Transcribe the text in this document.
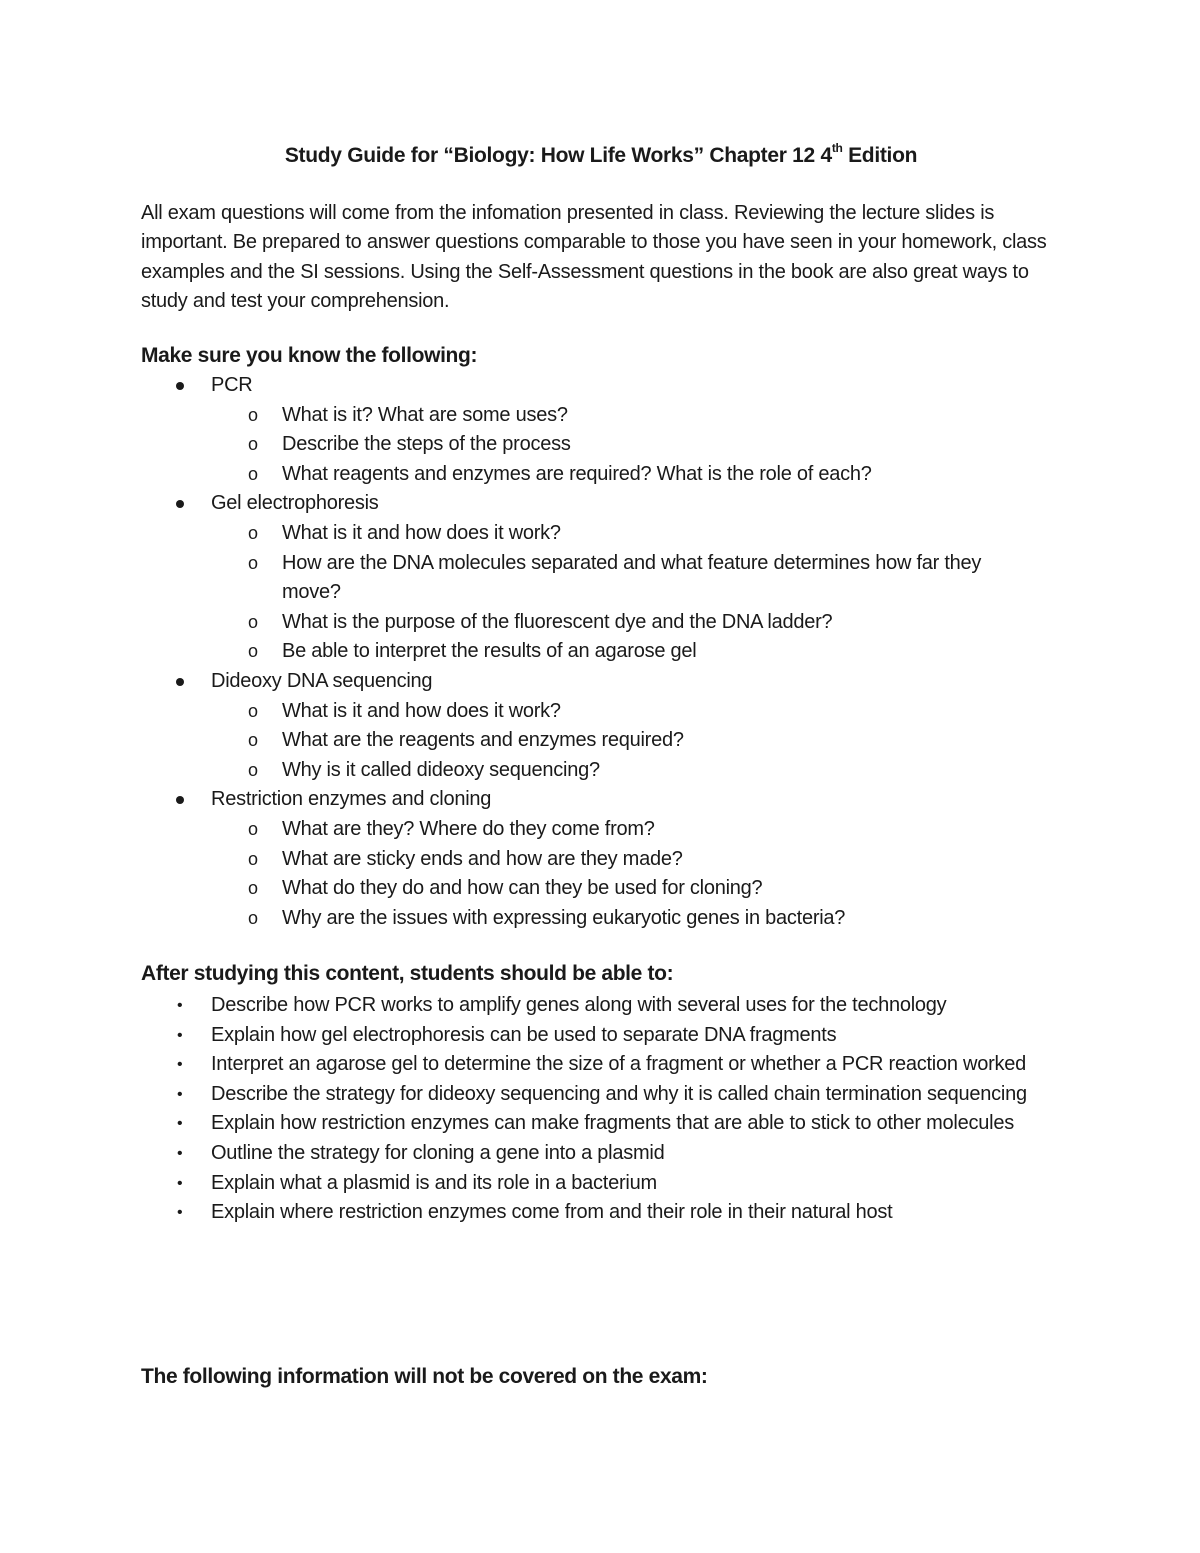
Study Guide for “Biology: How Life Works” Chapter 12 4th Edition

All exam questions will come from the infomation presented in class. Reviewing the lecture slides is important. Be prepared to answer questions comparable to those you have seen in your homework, class examples and the SI sessions. Using the Self-Assessment questions in the book are also great ways to study and test your comprehension.

Make sure you know the following:
PCR
o What is it? What are some uses?
o Describe the steps of the process
o What reagents and enzymes are required? What is the role of each?
Gel electrophoresis
o What is it and how does it work?
o How are the DNA molecules separated and what feature determines how far they move?
o What is the purpose of the fluorescent dye and the DNA ladder?
o Be able to interpret the results of an agarose gel
Dideoxy DNA sequencing
o What is it and how does it work?
o What are the reagents and enzymes required?
o Why is it called dideoxy sequencing?
Restriction enzymes and cloning
o What are they? Where do they come from?
o What are sticky ends and how are they made?
o What do they do and how can they be used for cloning?
o Why are the issues with expressing eukaryotic genes in bacteria?
After studying this content, students should be able to:
• Describe how PCR works to amplify genes along with several uses for the technology
• Explain how gel electrophoresis can be used to separate DNA fragments
• Interpret an agarose gel to determine the size of a fragment or whether a PCR reaction worked
• Describe the strategy for dideoxy sequencing and why it is called chain termination sequencing
• Explain how restriction enzymes can make fragments that are able to stick to other molecules
• Outline the strategy for cloning a gene into a plasmid
• Explain what a plasmid is and its role in a bacterium
• Explain where restriction enzymes come from and their role in their natural host
The following information will not be covered on the exam:
